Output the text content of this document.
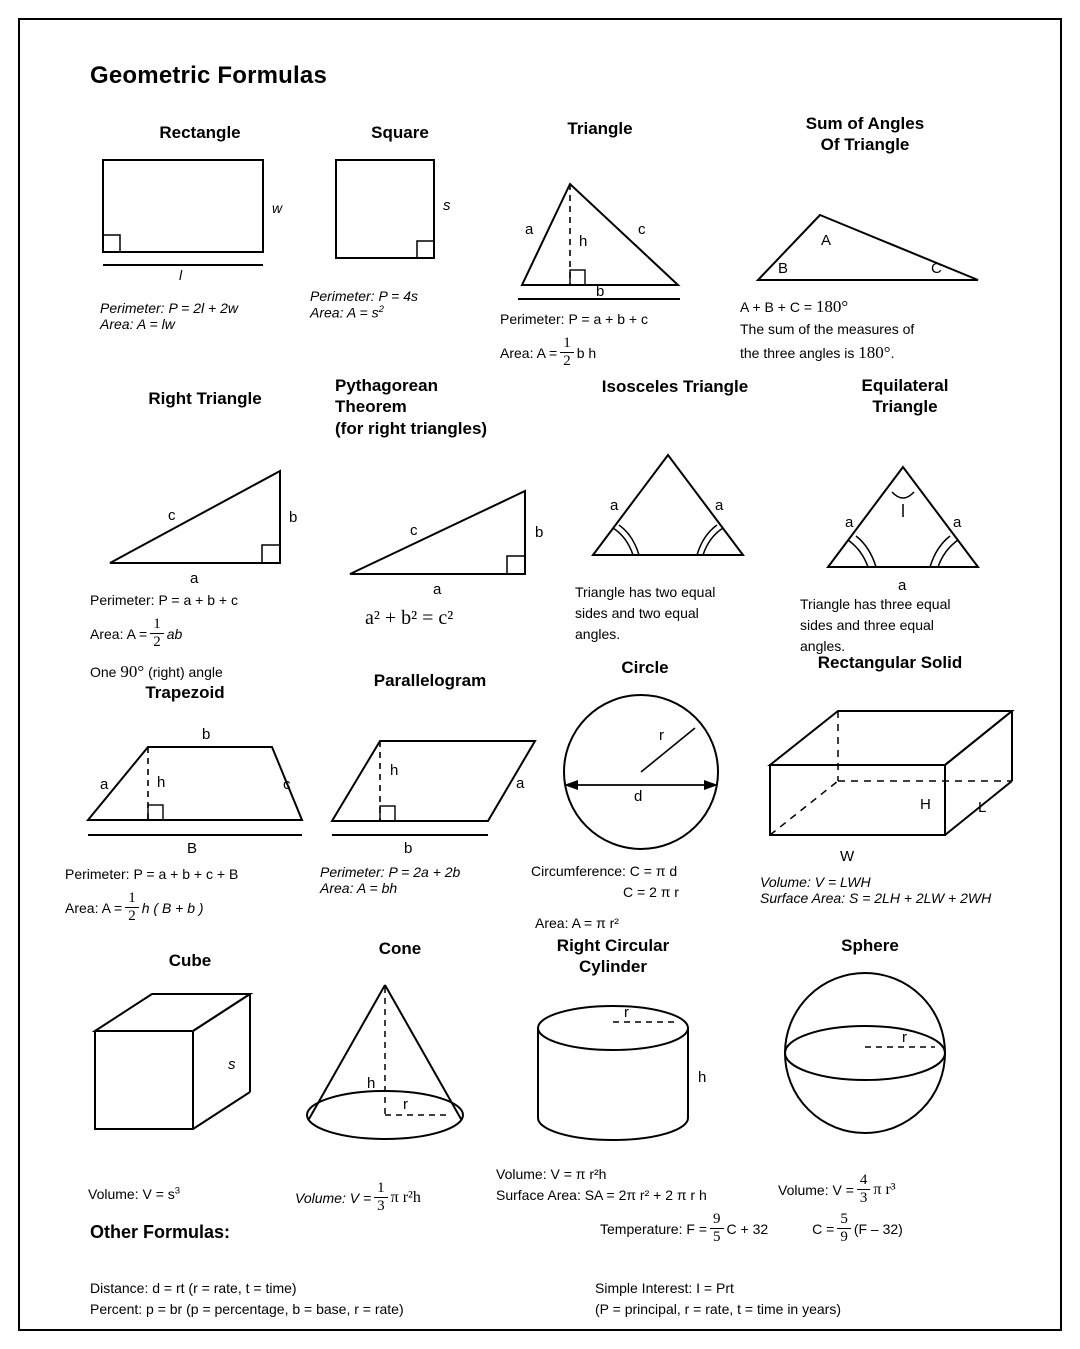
Geometric Formulas
Rectangle
w
l
Perimeter: P = 2l + 2w
Area: A = lw
Square
s
Perimeter: P = 4s
Area: $A = s^2$
Triangle
a	c
h
b
Perimeter: P = a + b + c
Area: $A = \frac{1}{2}$ b h
Sum of Angles
Of Triangle
A
B	C
A + B + C = 180°
The sum of the measures of
the three angles is 180°.
Right Triangle
c	b
a
Perimeter: P = a + b + c
Area: $A = \frac{1}{2}$ ab
One 90° (right) angle
Pythagorean
Theorem
(for right triangles)
c	b
a
a² + b² = c²
Isosceles Triangle
a	a
Triangle has two equal
sides and two equal
angles.
Equilateral
Triangle
a	a
a
Triangle has three equal
sides and three equal
angles.
Trapezoid
b
a	h	c
B
Perimeter: P = a + b + c + B
Area: $A = \frac{1}{2}$ h ( B + b )
Parallelogram
h
a
b
Perimeter: P = 2a + 2b
Area: A = bh
Circle
r
d
Circumference: C = π d
C = 2 π r
Area: A = π r²
Rectangular Solid
H	L
W
Volume: V = LWH
Surface Area: S = 2LH + 2LW + 2WH
Cube
s
Volume: $V = s^3$
Cone
h
r
Volume: $V = \frac{1}{3}$ π r²h
Right Circular
Cylinder
r
h
Volume: V = π r²h
Surface Area: SA = 2π r² + 2 π r h
Sphere
r
Volume: $V = \frac{4}{3}$ π r³
Temperature: $F = \frac{9}{5}$ C + 32	$C = \frac{5}{9} (F - 32)$
Other Formulas:
Distance: d = rt (r = rate, t = time)
Percent: p = br (p = percentage, b = base, r = rate)
Simple Interest: I = Prt
(P = principal, r = rate, t = time in years)
